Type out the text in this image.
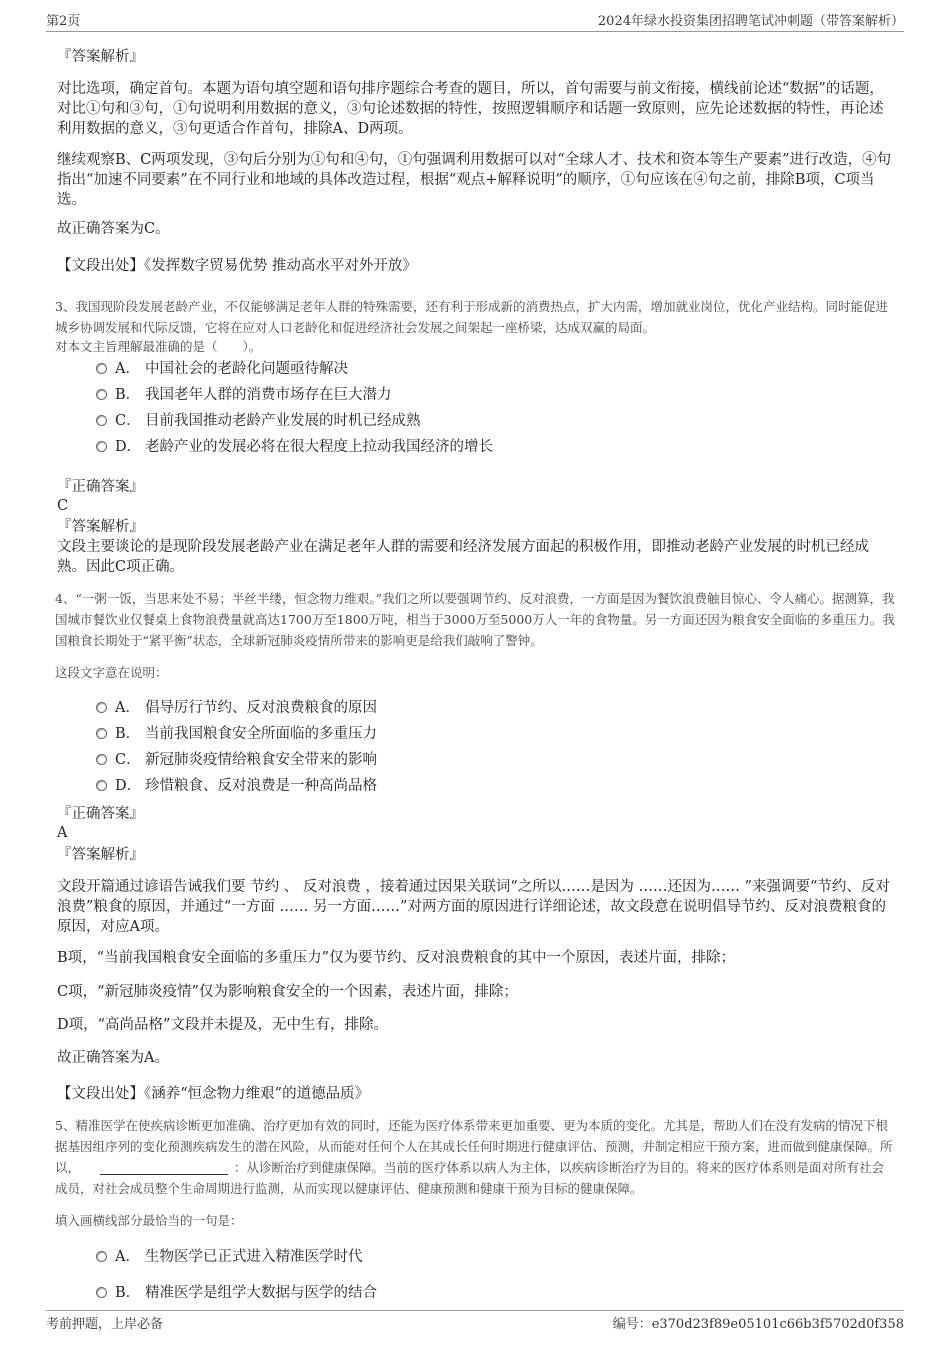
第2页	2024年绿水投资集团招聘笔试冲刺题（带答案解析）
『答案解析』
对比选项，确定首句。本题为语句填空题和语句排序题综合考查的题目，所以，首句需要与前文衔接，横线前论述“数据”的话题，对比①句和③句，①句说明利用数据的意义，③句论述数据的特性，按照逻辑顺序和话题一致原则，应先论述数据的特性，再论述利用数据的意义，③句更适合作首句，排除A、D两项。
继续观察B、C两项发现，③句后分别为①句和④句，①句强调利用数据可以对“全球人才、技术和资本等生产要素”进行改造，④句指出“加速不同要素”在不同行业和地域的具体改造过程，根据“观点+解释说明”的顺序，①句应该在④句之前，排除B项，C项当选。
故正确答案为C。
【文段出处】《发挥数字贸易优势 推动高水平对外开放》
3、我国现阶段发展老龄产业，不仅能够满足老年人群的特殊需要，还有利于形成新的消费热点，扩大内需，增加就业岗位，优化产业结构。同时能促进城乡协调发展和代际反馈，它将在应对人口老龄化和促进经济社会发展之间架起一座桥梁，达成双赢的局面。
对本文主旨理解最准确的是（　　）。
A． 中国社会的老龄化问题亟待解决
B． 我国老年人群的消费市场存在巨大潜力
C． 目前我国推动老龄产业发展的时机已经成熟
D． 老龄产业的发展必将在很大程度上拉动我国经济的增长
『正确答案』
C
『答案解析』
文段主要谈论的是现阶段发展老龄产业在满足老年人群的需要和经济发展方面起的积极作用，即推动老龄产业发展的时机已经成熟。因此C项正确。
4、“一粥一饭，当思来处不易；半丝半缕，恒念物力维艰。”我们之所以要强调节约、反对浪费，一方面是因为餐饮浪费触目惊心、令人痛心。据测算，我国城市餐饮业仅餐桌上食物浪费量就高达1700万至1800万吨，相当于3000万至5000万人一年的食物量。另一方面还因为粮食安全面临的多重压力。我国粮食长期处于“紧平衡”状态，全球新冠肺炎疫情所带来的影响更是给我们敲响了警钟。
这段文字意在说明：
A． 倡导厉行节约、反对浪费粮食的原因
B． 当前我国粮食安全所面临的多重压力
C． 新冠肺炎疫情给粮食安全带来的影响
D． 珍惜粮食、反对浪费是一种高尚品格
『正确答案』
A
『答案解析』
文段开篇通过谚语告诫我们要 节约 、 反对浪费 ，接着通过因果关联词“之所以……是因为 ……还因为…… ”来强调要“节约、反对浪费”粮食的原因，并通过“一方面 …… 另一方面……”对两方面的原因进行详细论述，故文段意在说明倡导节约、反对浪费粮食的原因，对应A项。
B项，“当前我国粮食安全面临的多重压力”仅为要节约、反对浪费粮食的其中一个原因，表述片面，排除；
C项，“新冠肺炎疫情”仅为影响粮食安全的一个因素，表述片面，排除；
D项，“高尚品格”文段并未提及，无中生有，排除。
故正确答案为A。
【文段出处】《涵养“恒念物力维艰”的道德品质》
5、精准医学在使疾病诊断更加准确、治疗更加有效的同时，还能为医疗体系带来更加重要、更为本质的变化。尤其是，帮助人们在没有发病的情况下根据基因组序列的变化预测疾病发生的潜在风险，从而能对任何个人在其成长任何时期进行健康评估、预测，并制定相应干预方案，进而做到健康保障。所以，	：从诊断治疗到健康保障。当前的医疗体系以病人为主体，以疾病诊断治疗为目的。将来的医疗体系则是面对所有社会成员，对社会成员整个生命周期进行监测，从而实现以健康评估、健康预测和健康干预为目标的健康保障。
填入画横线部分最恰当的一句是：
A． 生物医学已正式进入精准医学时代
B． 精准医学是组学大数据与医学的结合
考前押题，上岸必备	编号：e370d23f89e05101c66b3f5702d0f358
